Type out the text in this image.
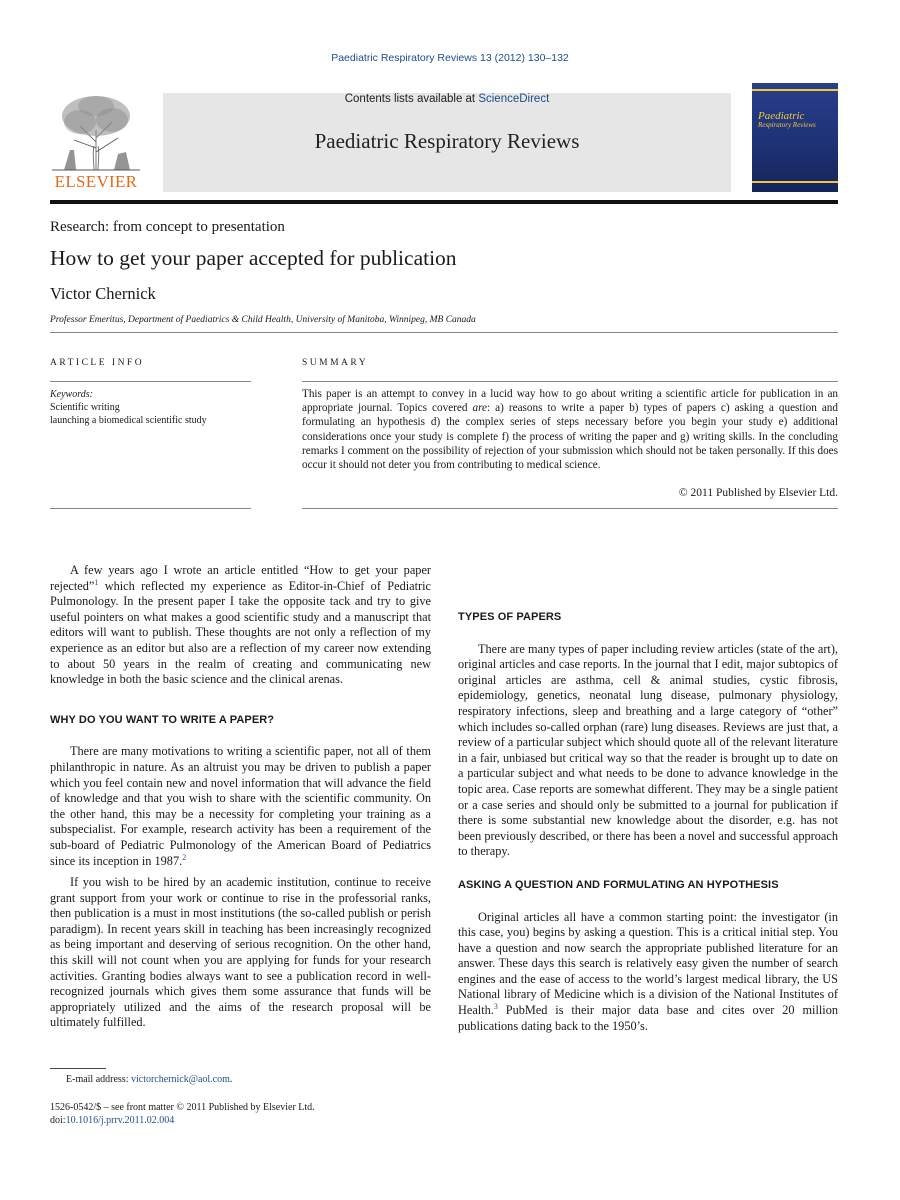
Paediatric Respiratory Reviews 13 (2012) 130–132
ELSEVIER
Contents lists available at ScienceDirect
Paediatric Respiratory Reviews
Paediatric
Respiratory Reviews
Research: from concept to presentation
How to get your paper accepted for publication
Victor Chernick
Professor Emeritus, Department of Paediatrics & Child Health, University of Manitoba, Winnipeg, MB Canada
ARTICLE INFO
Keywords:
Scientific writing
launching a biomedical scientific study
SUMMARY
This paper is an attempt to convey in a lucid way how to go about writing a scientific article for publication in an appropriate journal. Topics covered are: a) reasons to write a paper b) types of papers c) asking a question and formulating an hypothesis d) the complex series of steps necessary before you begin your study e) additional considerations once your study is complete f) the process of writing the paper and g) writing skills. In the concluding remarks I comment on the possibility of rejection of your submission which should not be taken personally. If this does occur it should not deter you from contributing to medical science.
© 2011 Published by Elsevier Ltd.

A few years ago I wrote an article entitled “How to get your paper rejected”$^1$ which reflected my experience as Editor-in-Chief of Pediatric Pulmonology. In the present paper I take the opposite tack and try to give useful pointers on what makes a good scientific study and a manuscript that editors will want to publish. These thoughts are not only a reflection of my experience as an editor but also are a reflection of my career now extending to about 50 years in the realm of creating and communicating new knowledge in both the basic science and the clinical arenas.

WHY DO YOU WANT TO WRITE A PAPER?

There are many motivations to writing a scientific paper, not all of them philanthropic in nature. As an altruist you may be driven to publish a paper which you feel contain new and novel information that will advance the field of knowledge and that you wish to share with the scientific community. On the other hand, this may be a necessity for completing your training as a subspecialist. For example, research activity has been a requirement of the sub-board of Pediatric Pulmonology of the American Board of Pediatrics since its inception in 1987.$^2$

If you wish to be hired by an academic institution, continue to receive grant support from your work or continue to rise in the professorial ranks, then publication is a must in most institutions (the so-called publish or perish paradigm). In recent years skill in teaching has been increasingly recognized as being important and deserving of serious recognition. On the other hand, this skill will not count when you are applying for funds for your research activities. Granting bodies always want to see a publication record in well-recognized journals which gives them some assurance that funds will be appropriately utilized and the aims of the research proposal will be ultimately fulfilled.

TYPES OF PAPERS

There are many types of paper including review articles (state of the art), original articles and case reports. In the journal that I edit, major subtopics of original articles are asthma, cell & animal studies, cystic fibrosis, epidemiology, genetics, neonatal lung disease, pulmonary physiology, respiratory infections, sleep and breathing and a large category of “other” which includes so-called orphan (rare) lung diseases. Reviews are just that, a review of a particular subject which should quote all of the relevant literature in a fair, unbiased but critical way so that the reader is brought up to date on a particular subject and what needs to be done to advance knowledge in the topic area. Case reports are somewhat different. They may be a single patient or a case series and should only be submitted to a journal for publication if there is some substantial new knowledge about the disorder, e.g. has not been previously described, or there has been a novel and successful approach to therapy.

ASKING A QUESTION AND FORMULATING AN HYPOTHESIS

Original articles all have a common starting point: the investigator (in this case, you) begins by asking a question. This is a critical initial step. You have a question and now search the appropriate published literature for an answer. These days this search is relatively easy given the number of search engines and the ease of access to the world’s largest medical library, the US National library of Medicine which is a division of the National Institutes of Health.$^3$ PubMed is their major data base and cites over 20 million publications dating back to the 1950’s.

E-mail address: victorchernick@aol.com.
1526-0542/$ – see front matter © 2011 Published by Elsevier Ltd.
doi:10.1016/j.prrv.2011.02.004
